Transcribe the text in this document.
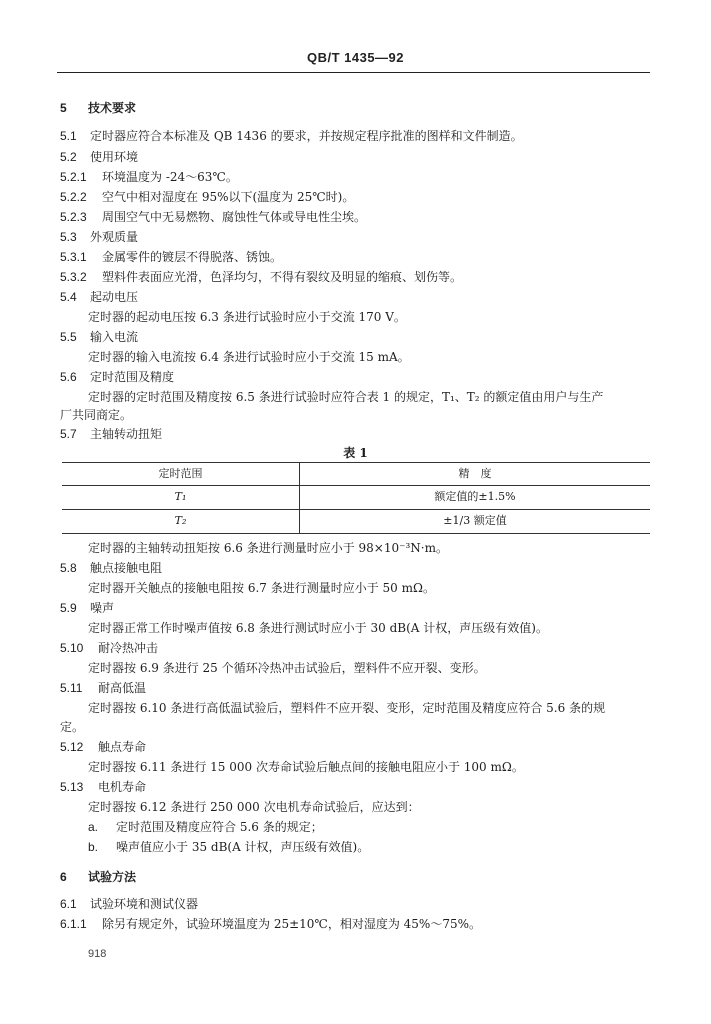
QB/T 1435—92
5 技术要求
5.1 定时器应符合本标准及 QB 1436 的要求，并按规定程序批准的图样和文件制造。
5.2 使用环境
5.2.1 环境温度为 -24～63℃。
5.2.2 空气中相对湿度在 95%以下(温度为 25℃时)。
5.2.3 周围空气中无易燃物、腐蚀性气体或导电性尘埃。
5.3 外观质量
5.3.1 金属零件的镀层不得脱落、锈蚀。
5.3.2 塑料件表面应光滑，色泽均匀，不得有裂纹及明显的缩痕、划伤等。
5.4 起动电压
定时器的起动电压按 6.3 条进行试验时应小于交流 170 V。
5.5 输入电流
定时器的输入电流按 6.4 条进行试验时应小于交流 15 mA。
5.6 定时范围及精度
定时器的定时范围及精度按 6.5 条进行试验时应符合表 1 的规定，T₁、T₂ 的额定值由用户与生产
厂共同商定。
5.7 主轴转动扭矩
表 1
定时范围	精　度
T₁	额定值的±1.5%
T₂	±1/3 额定值
定时器的主轴转动扭矩按 6.6 条进行测量时应小于 98×10⁻³N·m。
5.8 触点接触电阻
定时器开关触点的接触电阻按 6.7 条进行测量时应小于 50 mΩ。
5.9 噪声
定时器正常工作时噪声值按 6.8 条进行测试时应小于 30 dB(A 计权，声压级有效值)。
5.10 耐冷热冲击
定时器按 6.9 条进行 25 个循环冷热冲击试验后，塑料件不应开裂、变形。
5.11 耐高低温
定时器按 6.10 条进行高低温试验后，塑料件不应开裂、变形，定时范围及精度应符合 5.6 条的规
定。
5.12 触点寿命
定时器按 6.11 条进行 15 000 次寿命试验后触点间的接触电阻应小于 100 mΩ。
5.13 电机寿命
定时器按 6.12 条进行 250 000 次电机寿命试验后，应达到：
a. 定时范围及精度应符合 5.6 条的规定；
b. 噪声值应小于 35 dB(A 计权，声压级有效值)。
6 试验方法
6.1 试验环境和测试仪器
6.1.1 除另有规定外，试验环境温度为 25±10℃，相对湿度为 45%～75%。
918
